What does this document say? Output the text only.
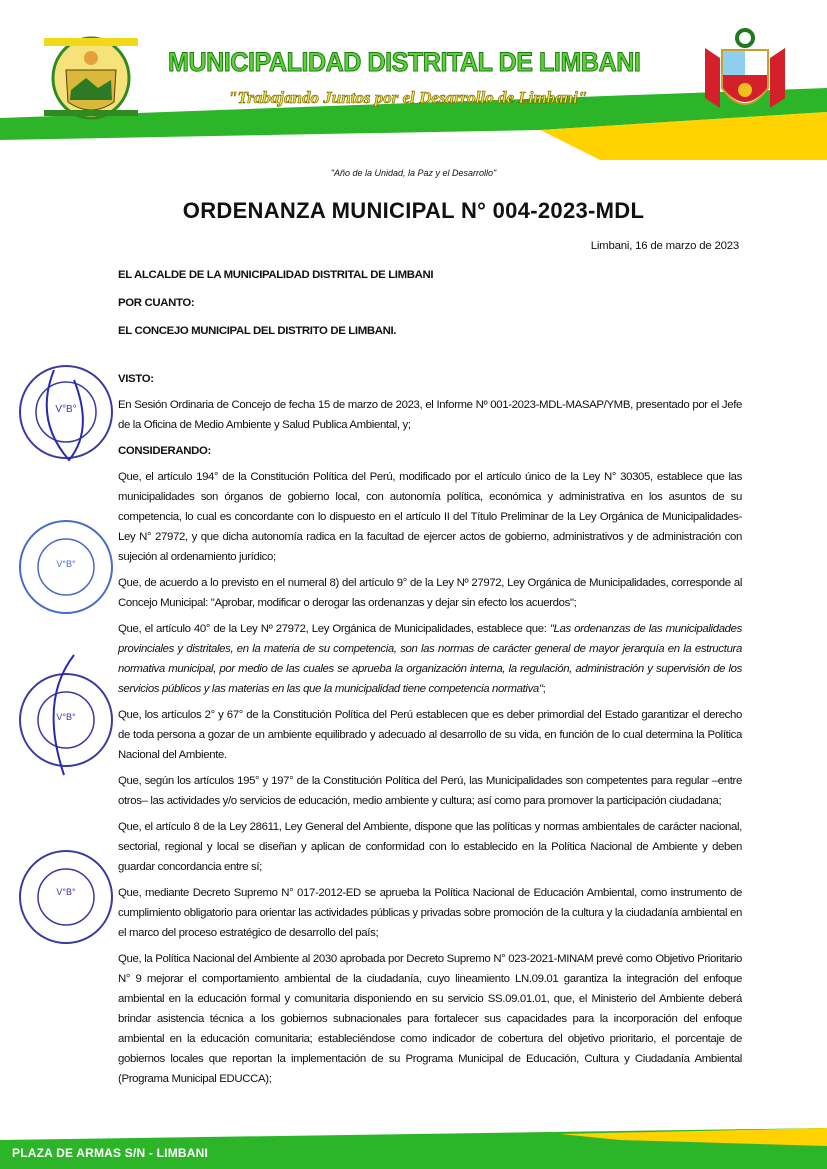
MUNICIPALIDAD DISTRITAL DE LIMBANI
"Trabajando Juntos por el Desarrollo de Limbani"
"Año de la Unidad, la Paz y el Desarrollo"
ORDENANZA MUNICIPAL N° 004-2023-MDL
Limbani, 16 de marzo de 2023
EL ALCALDE DE LA MUNICIPALIDAD DISTRITAL DE LIMBANI
POR CUANTO:
EL CONCEJO MUNICIPAL DEL DISTRITO DE LIMBANI.
VISTO:
En Sesión Ordinaria de Concejo de fecha 15 de marzo de 2023, el Informe Nº 001-2023-MDL-MASAP/YMB, presentado por el Jefe de la Oficina de Medio Ambiente y Salud Publica Ambiental, y;
CONSIDERANDO:
Que, el artículo 194° de la Constitución Política del Perú, modificado por el artículo único de la Ley N° 30305, establece que las municipalidades son órganos de gobierno local, con autonomía política, económica y administrativa en los asuntos de su competencia, lo cual es concordante con lo dispuesto en el artículo II del Título Preliminar de la Ley Orgánica de Municipalidades- Ley N° 27972, y que dicha autonomía radica en la facultad de ejercer actos de gobierno, administrativos y de administración con sujeción al ordenamiento jurídico;
Que, de acuerdo a lo previsto en el numeral 8) del artículo 9° de la Ley Nº 27972, Ley Orgánica de Municipalidades, corresponde al Concejo Municipal: "Aprobar, modificar o derogar las ordenanzas y dejar sin efecto los acuerdos";
Que, el artículo 40° de la Ley Nº 27972, Ley Orgánica de Municipalidades, establece que: "Las ordenanzas de las municipalidades provinciales y distritales, en la materia de su competencia, son las normas de carácter general de mayor jerarquía en la estructura normativa municipal, por medio de las cuales se aprueba la organización interna, la regulación, administración y supervisión de los servicios públicos y las materias en las que la municipalidad tiene competencia normativa";
Que, los artículos 2° y 67° de la Constitución Política del Perú establecen que es deber primordial del Estado garantizar el derecho de toda persona a gozar de un ambiente equilibrado y adecuado al desarrollo de su vida, en función de lo cual determina la Política Nacional del Ambiente.
Que, según los artículos 195° y 197° de la Constitución Política del Perú, las Municipalidades son competentes para regular –entre otros– las actividades y/o servicios de educación, medio ambiente y cultura; así como para promover la participación ciudadana;
Que, el artículo 8 de la Ley 28611, Ley General del Ambiente, dispone que las políticas y normas ambientales de carácter nacional, sectorial, regional y local se diseñan y aplican de conformidad con lo establecido en la Política Nacional de Ambiente y deben guardar concordancia entre sí;
Que, mediante Decreto Supremo N° 017-2012-ED se aprueba la Política Nacional de Educación Ambiental, como instrumento de cumplimiento obligatorio para orientar las actividades públicas y privadas sobre promoción de la cultura y la ciudadanía ambiental en el marco del proceso estratégico de desarrollo del país;
Que, la Política Nacional del Ambiente al 2030 aprobada por Decreto Supremo N° 023-2021-MINAM prevé como Objetivo Prioritario N° 9 mejorar el comportamiento ambiental de la ciudadanía, cuyo lineamiento LN.09.01 garantiza la integración del enfoque ambiental en la educación formal y comunitaria disponiendo en su servicio SS.09.01.01, que, el Ministerio del Ambiente deberá brindar asistencia técnica a los gobiernos subnacionales para fortalecer sus capacidades para la incorporación del enfoque ambiental en la educación comunitaria; estableciéndose como indicador de cobertura del objetivo prioritario, el porcentaje de gobiernos locales que reportan la implementación de su Programa Municipal de Educación, Cultura y Ciudadanía Ambiental (Programa Municipal EDUCCA);
V°B°
V°B°
V°B°
V°B°
PLAZA DE ARMAS S/N - LIMBANI
